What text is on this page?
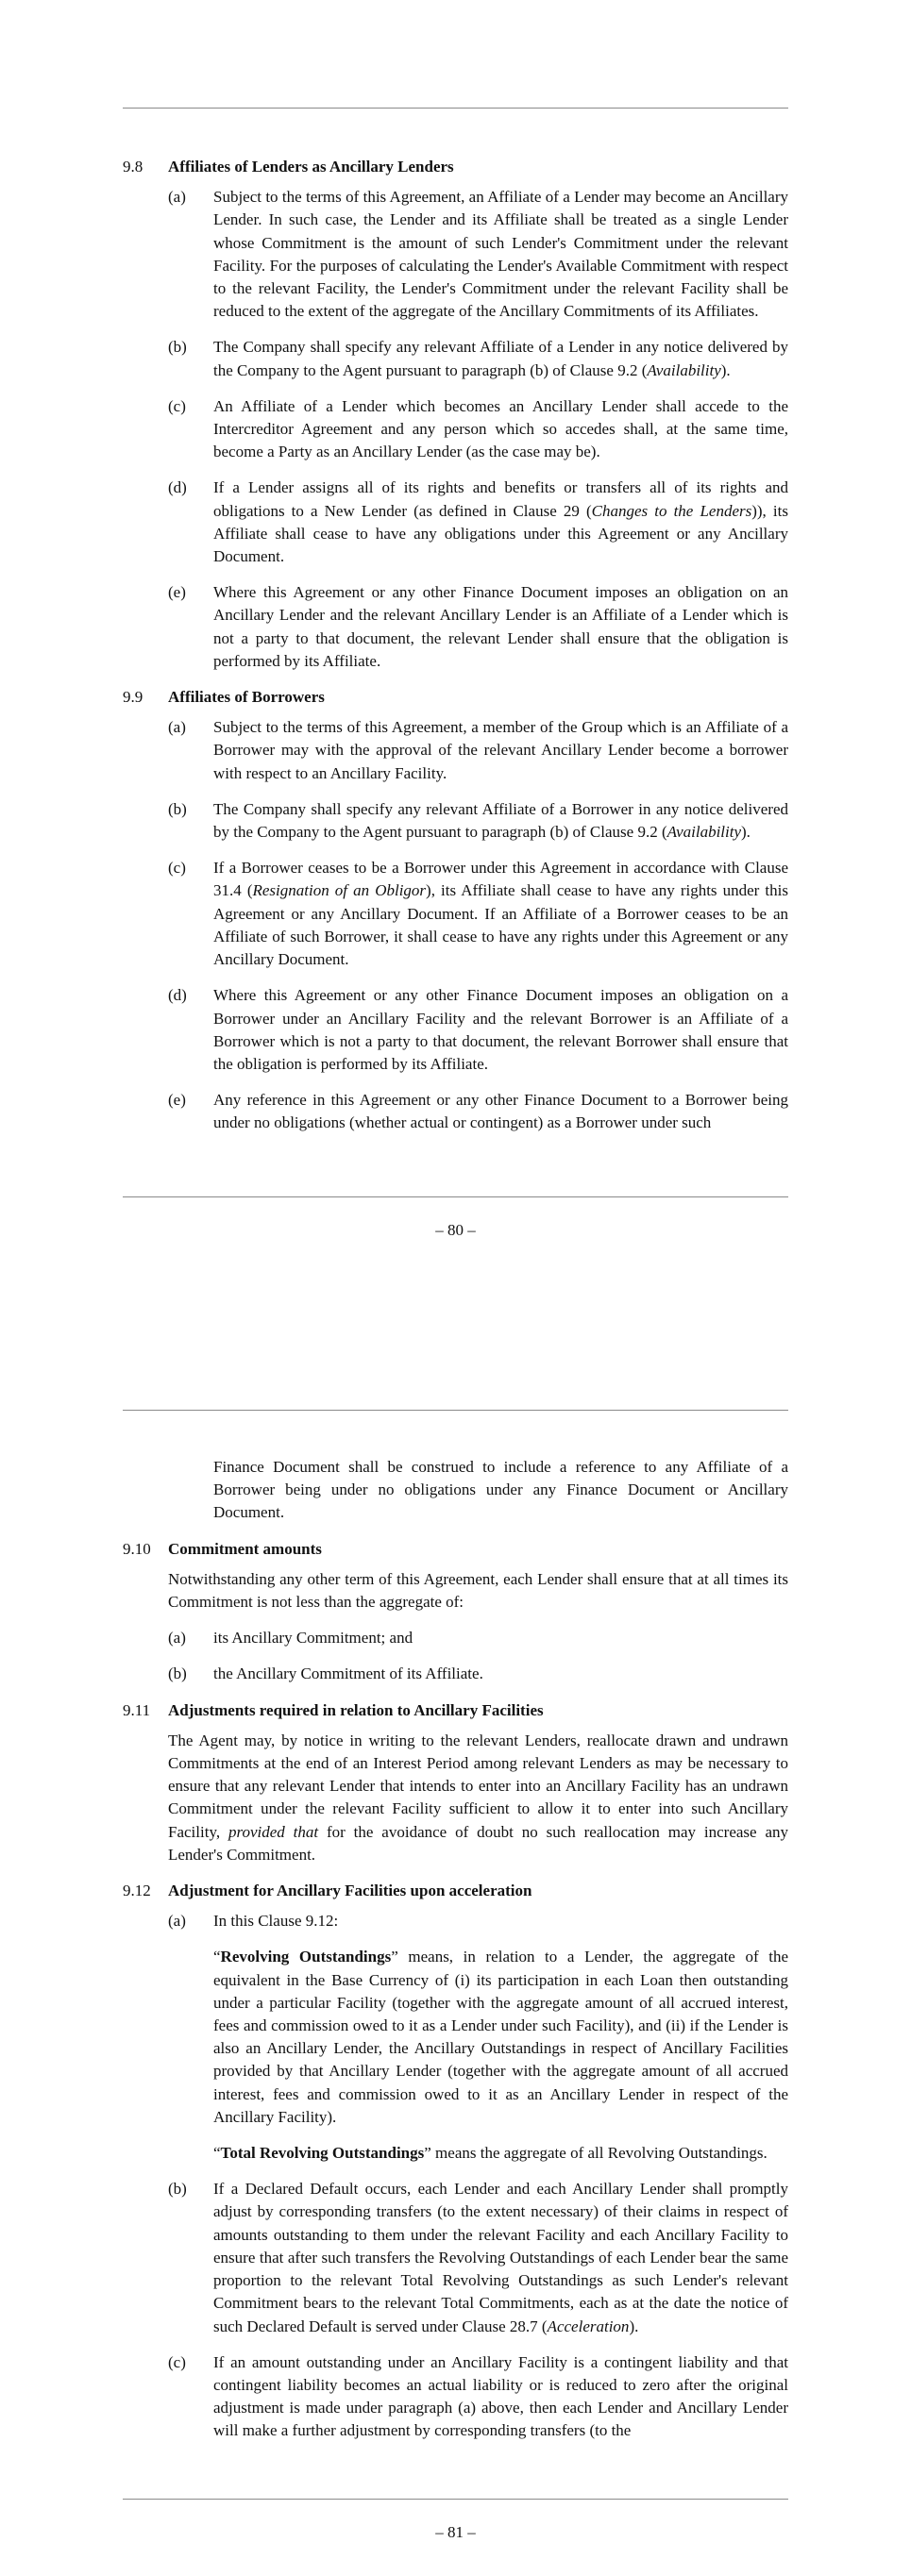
9.8 Affiliates of Lenders as Ancillary Lenders
(a) Subject to the terms of this Agreement, an Affiliate of a Lender may become an Ancillary Lender. In such case, the Lender and its Affiliate shall be treated as a single Lender whose Commitment is the amount of such Lender's Commitment under the relevant Facility. For the purposes of calculating the Lender's Available Commitment with respect to the relevant Facility, the Lender's Commitment under the relevant Facility shall be reduced to the extent of the aggregate of the Ancillary Commitments of its Affiliates.
(b) The Company shall specify any relevant Affiliate of a Lender in any notice delivered by the Company to the Agent pursuant to paragraph (b) of Clause 9.2 (Availability).
(c) An Affiliate of a Lender which becomes an Ancillary Lender shall accede to the Intercreditor Agreement and any person which so accedes shall, at the same time, become a Party as an Ancillary Lender (as the case may be).
(d) If a Lender assigns all of its rights and benefits or transfers all of its rights and obligations to a New Lender (as defined in Clause 29 (Changes to the Lenders)), its Affiliate shall cease to have any obligations under this Agreement or any Ancillary Document.
(e) Where this Agreement or any other Finance Document imposes an obligation on an Ancillary Lender and the relevant Ancillary Lender is an Affiliate of a Lender which is not a party to that document, the relevant Lender shall ensure that the obligation is performed by its Affiliate.
9.9 Affiliates of Borrowers
(a) Subject to the terms of this Agreement, a member of the Group which is an Affiliate of a Borrower may with the approval of the relevant Ancillary Lender become a borrower with respect to an Ancillary Facility.
(b) The Company shall specify any relevant Affiliate of a Borrower in any notice delivered by the Company to the Agent pursuant to paragraph (b) of Clause 9.2 (Availability).
(c) If a Borrower ceases to be a Borrower under this Agreement in accordance with Clause 31.4 (Resignation of an Obligor), its Affiliate shall cease to have any rights under this Agreement or any Ancillary Document. If an Affiliate of a Borrower ceases to be an Affiliate of such Borrower, it shall cease to have any rights under this Agreement or any Ancillary Document.
(d) Where this Agreement or any other Finance Document imposes an obligation on a Borrower under an Ancillary Facility and the relevant Borrower is an Affiliate of a Borrower which is not a party to that document, the relevant Borrower shall ensure that the obligation is performed by its Affiliate.
(e) Any reference in this Agreement or any other Finance Document to a Borrower being under no obligations (whether actual or contingent) as a Borrower under such
– 80 –
Finance Document shall be construed to include a reference to any Affiliate of a Borrower being under no obligations under any Finance Document or Ancillary Document.
9.10 Commitment amounts
Notwithstanding any other term of this Agreement, each Lender shall ensure that at all times its Commitment is not less than the aggregate of:
(a) its Ancillary Commitment; and
(b) the Ancillary Commitment of its Affiliate.
9.11 Adjustments required in relation to Ancillary Facilities
The Agent may, by notice in writing to the relevant Lenders, reallocate drawn and undrawn Commitments at the end of an Interest Period among relevant Lenders as may be necessary to ensure that any relevant Lender that intends to enter into an Ancillary Facility has an undrawn Commitment under the relevant Facility sufficient to allow it to enter into such Ancillary Facility, provided that for the avoidance of doubt no such reallocation may increase any Lender's Commitment.
9.12 Adjustment for Ancillary Facilities upon acceleration
(a) In this Clause 9.12:
“Revolving Outstandings” means, in relation to a Lender, the aggregate of the equivalent in the Base Currency of (i) its participation in each Loan then outstanding under a particular Facility (together with the aggregate amount of all accrued interest, fees and commission owed to it as a Lender under such Facility), and (ii) if the Lender is also an Ancillary Lender, the Ancillary Outstandings in respect of Ancillary Facilities provided by that Ancillary Lender (together with the aggregate amount of all accrued interest, fees and commission owed to it as an Ancillary Lender in respect of the Ancillary Facility).
“Total Revolving Outstandings” means the aggregate of all Revolving Outstandings.
(b) If a Declared Default occurs, each Lender and each Ancillary Lender shall promptly adjust by corresponding transfers (to the extent necessary) of their claims in respect of amounts outstanding to them under the relevant Facility and each Ancillary Facility to ensure that after such transfers the Revolving Outstandings of each Lender bear the same proportion to the relevant Total Revolving Outstandings as such Lender's relevant Commitment bears to the relevant Total Commitments, each as at the date the notice of such Declared Default is served under Clause 28.7 (Acceleration).
(c) If an amount outstanding under an Ancillary Facility is a contingent liability and that contingent liability becomes an actual liability or is reduced to zero after the original adjustment is made under paragraph (a) above, then each Lender and Ancillary Lender will make a further adjustment by corresponding transfers (to the
– 81 –
